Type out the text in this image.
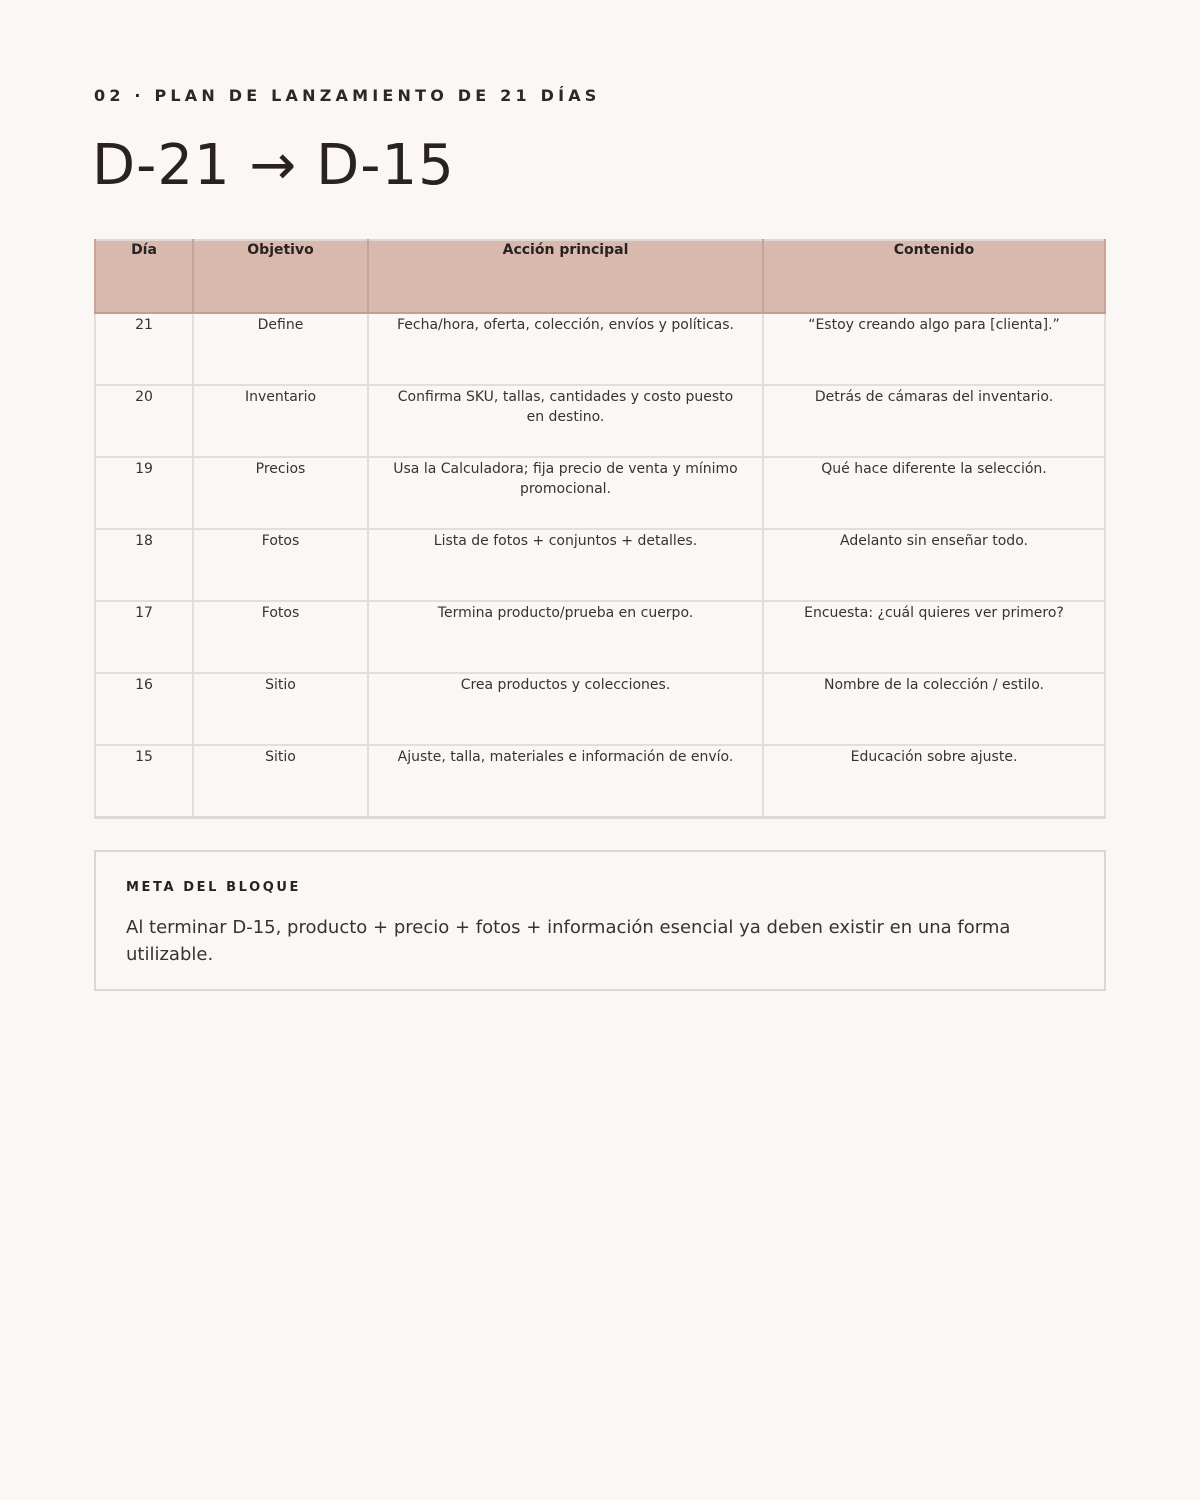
02 · PLAN DE LANZAMIENTO DE 21 DÍAS
D-21 → D-15
Día	Objetivo	Acción principal	Contenido
21	Define	Fecha/hora, oferta, colección, envíos y políticas.	“Estoy creando algo para [clienta].”
20	Inventario	Confirma SKU, tallas, cantidades y costo puesto en destino.	Detrás de cámaras del inventario.
19	Precios	Usa la Calculadora; fija precio de venta y mínimo promocional.	Qué hace diferente la selección.
18	Fotos	Lista de fotos + conjuntos + detalles.	Adelanto sin enseñar todo.
17	Fotos	Termina producto/prueba en cuerpo.	Encuesta: ¿cuál quieres ver primero?
16	Sitio	Crea productos y colecciones.	Nombre de la colección / estilo.
15	Sitio	Ajuste, talla, materiales e información de envío.	Educación sobre ajuste.
META DEL BLOQUE
Al terminar D-15, producto + precio + fotos + información esencial ya deben existir en una forma utilizable.
